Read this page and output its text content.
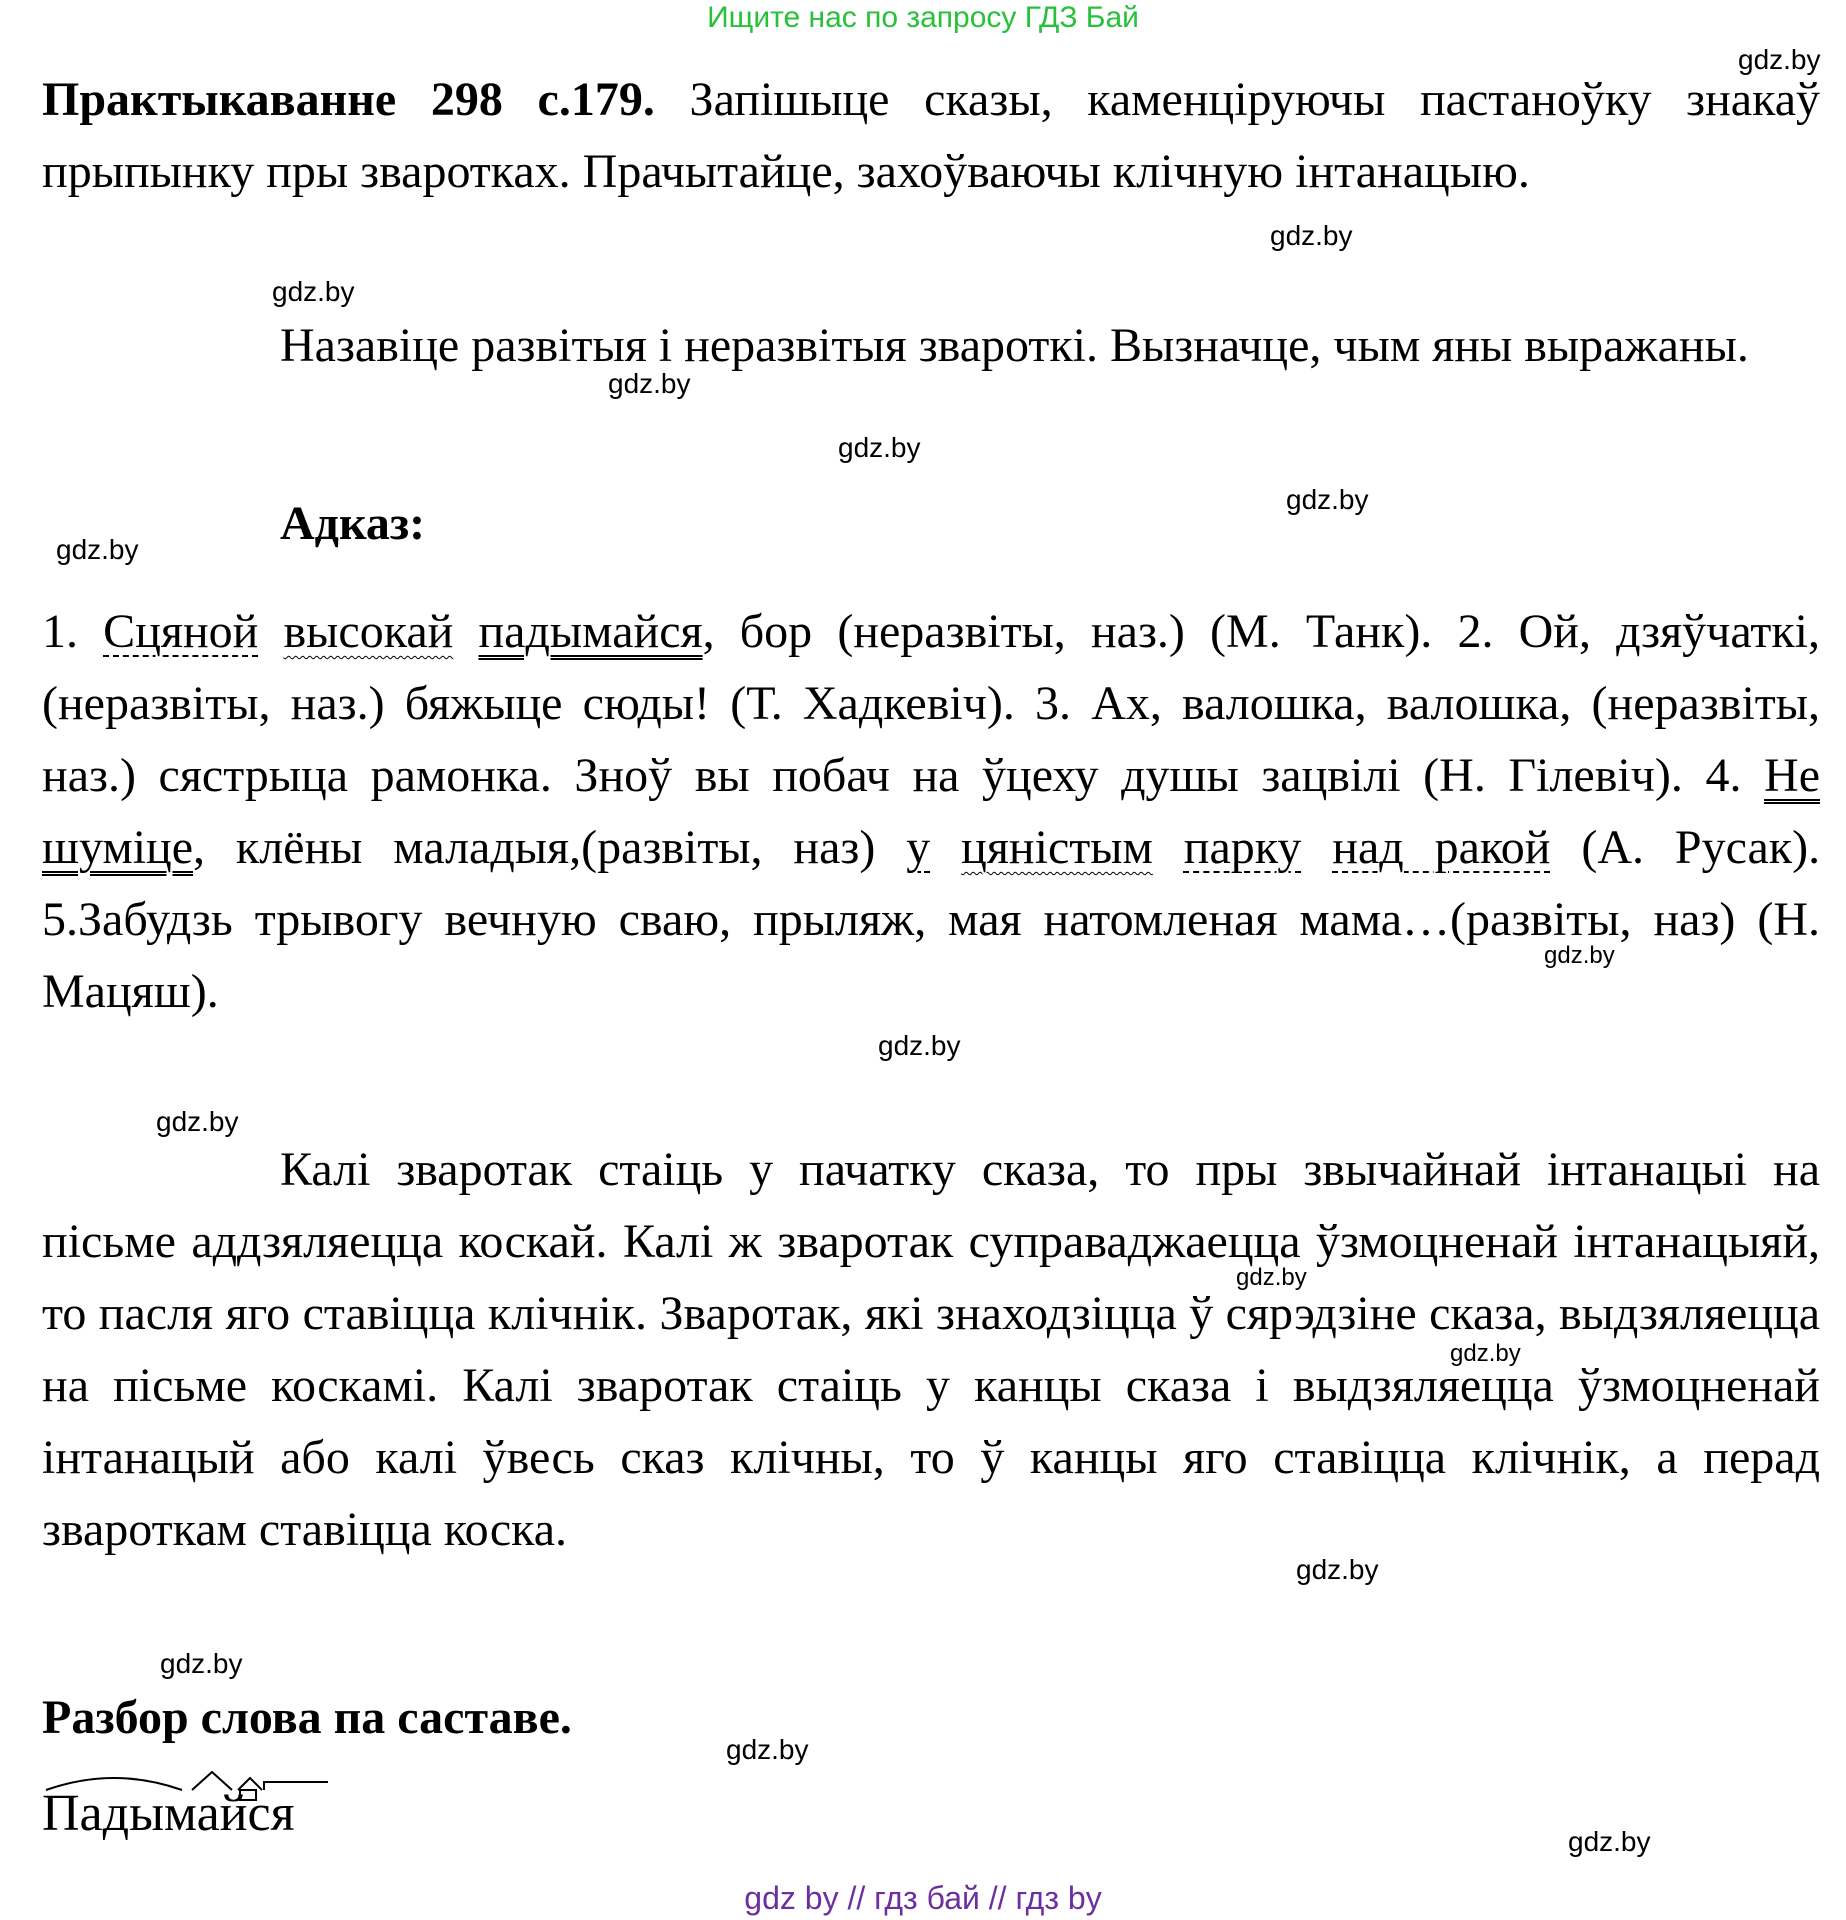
Ищите нас по запросу ГДЗ Бай

Практыкаванне 298 с.179. Запішыце сказы, каменціруючы пастаноўку знакаў прыпынку пры зваротках. Прачытайце, захоўваючы клічную інтанацыю.

Назавіце развітыя і неразвітыя звароткі. Вызначце, чым яны выражаны.

Адказ:

1. Сцяной высокай падымайся, бор (неразвіты, наз.) (М. Танк). 2. Ой, дзяўчаткі, (неразвіты, наз.) бяжыце сюды! (Т. Хадкевіч). 3. Ах, валошка, валошка, (неразвіты, наз.) сястрыца рамонка. Зноў вы побач на ўцеху душы зацвілі (Н. Гілевіч). 4. Не шуміце, клёны маладыя,(развіты, наз) у цяністым парку над ракой (А. Русак). 5.Забудзь трывогу вечную сваю, прыляж, мая натомленая мама…(развіты, наз) (Н. Мацяш).

Калі зваротак стаіць у пачатку сказа, то пры звычайнай інтанацыі на пісьме аддзяляецца коскай. Калі ж зваротак суправаджаецца ўзмоцненай інтанацыяй, то пасля яго ставіцца клічнік. Зваротак, які знаходзіцца ў сярэдзіне сказа, выдзяляецца на пісьме коскамі. Калі зваротак стаіць у канцы сказа і выдзяляецца ўзмоцненай інтанацый або калі ўвесь сказ клічны, то ў канцы яго ставіцца клічнік, а перад звароткам ставіцца коска.

Разбор слова па саставе.
Падымайся
gdz.by
gdz.by
gdz.by
gdz.by
gdz.by
gdz.by
gdz.by
gdz.by
gdz.by
gdz.by
gdz.by
gdz.by
gdz.by
gdz.by
gdz.by
gdz.by
gdz by // гдз бай // гдз by
